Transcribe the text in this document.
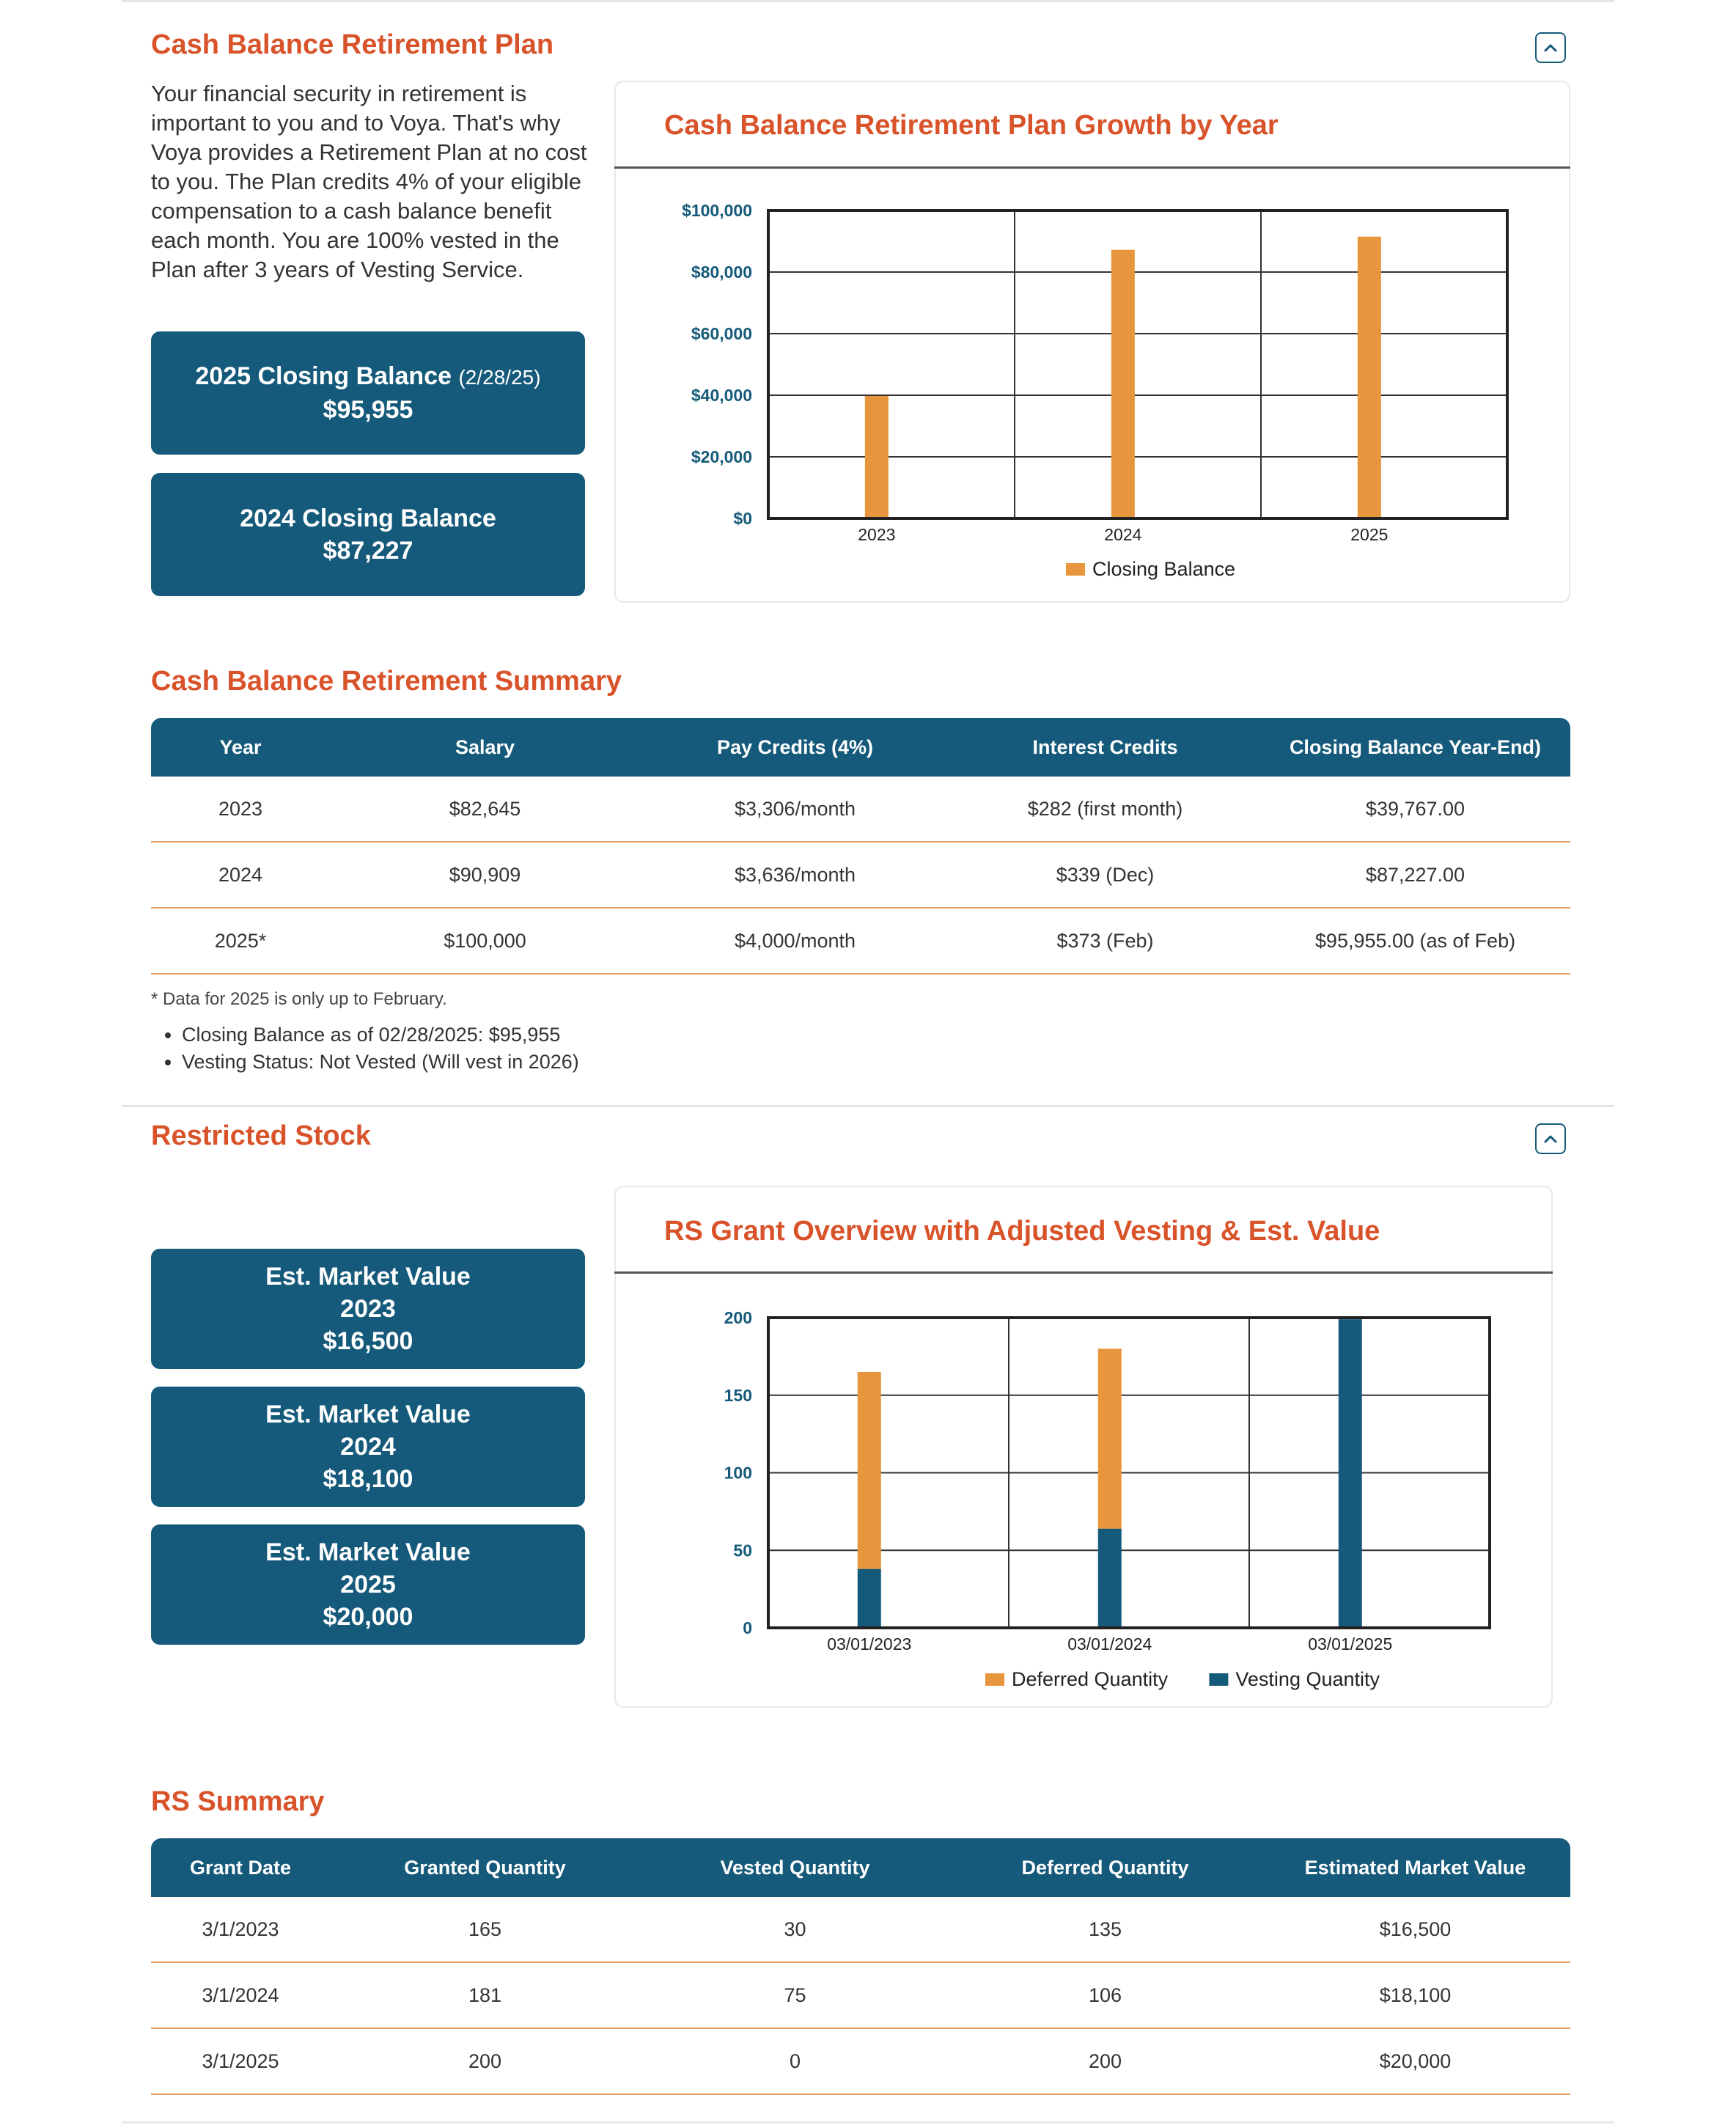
Cash Balance Retirement Plan
Your financial security in retirement is important to you and to Voya. That's why Voya provides a Retirement Plan at no cost to you. The Plan credits 4% of your eligible compensation to a cash balance benefit each month. You are 100% vested in the Plan after 3 years of Vesting Service.
2025 Closing Balance (2/28/25)
$95,955
2024 Closing Balance
$87,227
Cash Balance Retirement Plan Growth by Year
$0
$20,000
$40,000
$60,000
$80,000
$100,000
2023	2024	2025
Closing Balance
Cash Balance Retirement Summary
Year	Salary	Pay Credits (4%)	Interest Credits	Closing Balance Year-End)
2023	$82,645	$3,306/month	$282 (first month)	$39,767.00
2024	$90,909	$3,636/month	$339 (Dec)	$87,227.00
2025*	$100,000	$4,000/month	$373 (Feb)	$95,955.00 (as of Feb)
* Data for 2025 is only up to February.
• Closing Balance as of 02/28/2025: $95,955
• Vesting Status: Not Vested (Will vest in 2026)
Restricted Stock
Est. Market Value
2023
$16,500
Est. Market Value
2024
$18,100
Est. Market Value
2025
$20,000
RS Grant Overview with Adjusted Vesting & Est. Value
0
50
100
150
200
03/01/2023	03/01/2024	03/01/2025
Deferred Quantity	Vesting Quantity
RS Summary
Grant Date	Granted Quantity	Vested Quantity	Deferred Quantity	Estimated Market Value
3/1/2023	165	30	135	$16,500
3/1/2024	181	75	106	$18,100
3/1/2025	200	0	200	$20,000
